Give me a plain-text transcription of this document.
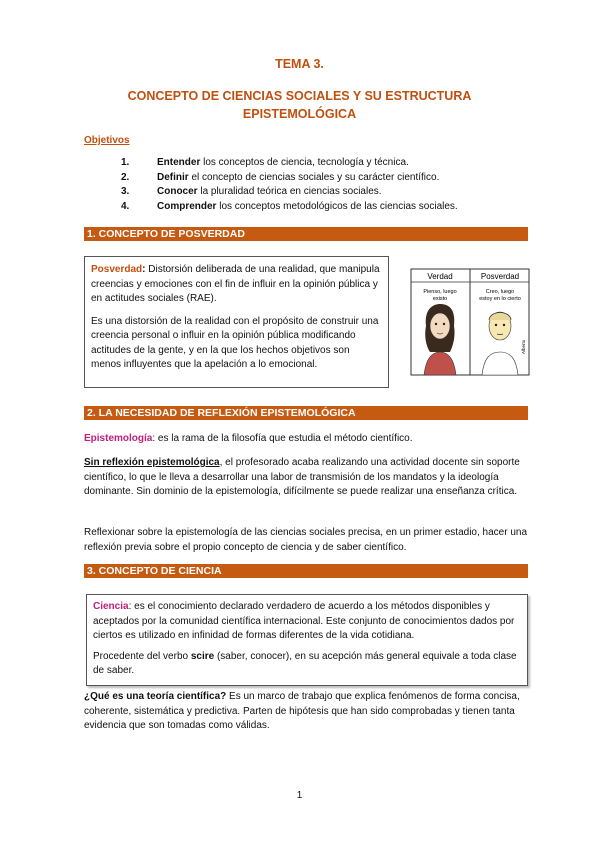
TEMA 3.
CONCEPTO DE CIENCIAS SOCIALES Y SU ESTRUCTURA
EPISTEMOLÓGICA
Objetivos
1.	Entender los conceptos de ciencia, tecnología y técnica.
2.	Definir el concepto de ciencias sociales y su carácter científico.
3.	Conocer la pluralidad teórica en ciencias sociales.
4.	Comprender los conceptos metodológicos de las ciencias sociales.
1. CONCEPTO DE POSVERDAD

Posverdad: Distorsión deliberada de una realidad, que manipula creencias y emociones con el fin de influir en la opinión pública y en actitudes sociales (RAE).

Es una distorsión de la realidad con el propósito de construir una creencia personal o influir en la opinión pública modificando actitudes de la gente, y en la que los hechos objetivos son menos influyentes que la apelación a lo emocional.

Verdad	Posverdad
Pienso, luego
existo
Creo, luego
estoy en lo cierto
Alberto
2. LA NECESIDAD DE REFLEXIÓN EPISTEMOLÓGICA
Epistemología: es la rama de la filosofía que estudia el método científico.
Sin reflexión epistemológica, el profesorado acaba realizando una actividad docente sin soporte científico, lo que le lleva a desarrollar una labor de transmisión de los mandatos y la ideología dominante. Sin dominio de la epistemología, difícilmente se puede realizar una enseñanza crítica.
Reflexionar sobre la epistemología de las ciencias sociales precisa, en un primer estadio, hacer una reflexión previa sobre el propio concepto de ciencia y de saber científico.
3. CONCEPTO DE CIENCIA

Ciencia: es el conocimiento declarado verdadero de acuerdo a los métodos disponibles y aceptados por la comunidad científica internacional. Este conjunto de conocimientos dados por ciertos es utilizado en infinidad de formas diferentes de la vida cotidiana.

Procedente del verbo scire (saber, conocer), en su acepción más general equivale a toda clase de saber.

¿Qué es una teoría científica? Es un marco de trabajo que explica fenómenos de forma concisa, coherente, sistemática y predictiva. Parten de hipótesis que han sido comprobadas y tienen tanta evidencia que son tomadas como válidas.
1
